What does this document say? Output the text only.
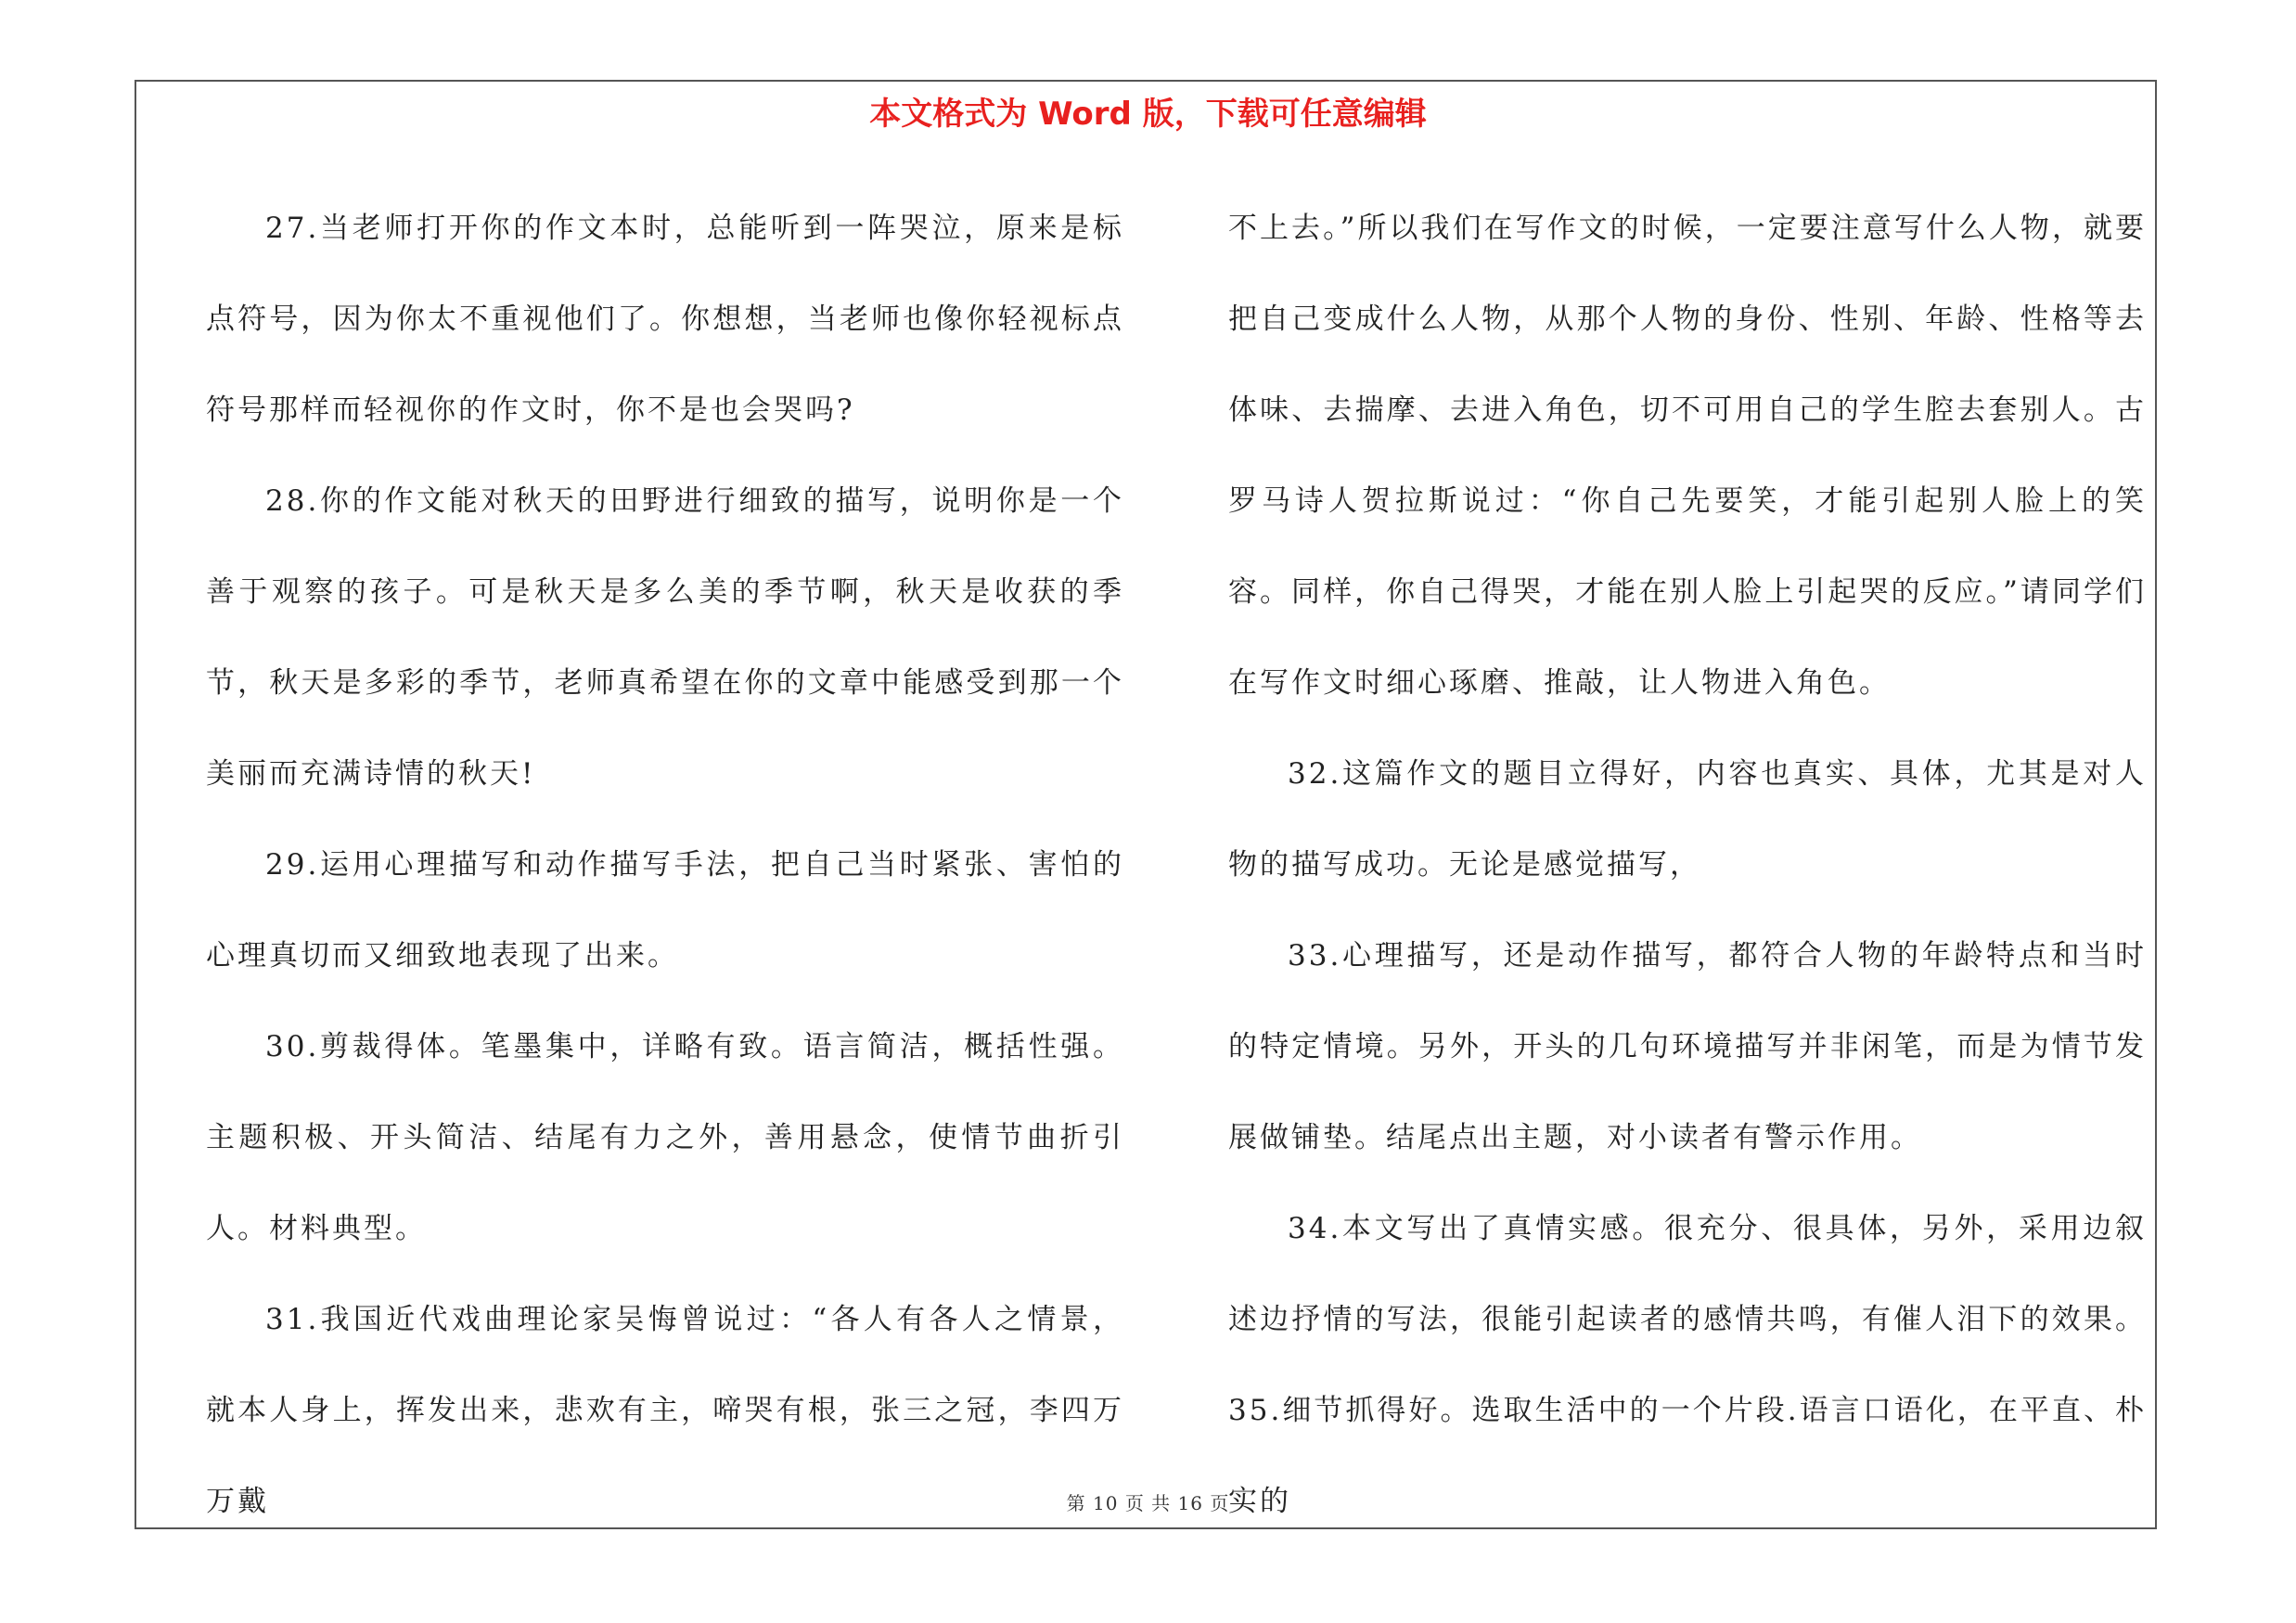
本文格式为 Word 版，下载可任意编辑

27.当老师打开你的作文本时，总能听到一阵哭泣，原来是标点符号，因为你太不重视他们了。你想想，当老师也像你轻视标点符号那样而轻视你的作文时，你不是也会哭吗?

28.你的作文能对秋天的田野进行细致的描写，说明你是一个善于观察的孩子。可是秋天是多么美的季节啊，秋天是收获的季节，秋天是多彩的季节，老师真希望在你的文章中能感受到那一个美丽而充满诗情的秋天!

29.运用心理描写和动作描写手法，把自己当时紧张、害怕的心理真切而又细致地表现了出来。

30.剪裁得体。笔墨集中，详略有致。语言简洁，概括性强。主题积极、开头简洁、结尾有力之外，善用悬念，使情节曲折引人。材料典型。

31.我国近代戏曲理论家吴悔曾说过：“各人有各人之情景，就本人身上，挥发出来，悲欢有主，啼哭有根，张三之冠，李四万万戴

不上去。”所以我们在写作文的时候，一定要注意写什么人物，就要把自己变成什么人物，从那个人物的身份、性别、年龄、性格等去体味、去揣摩、去进入角色，切不可用自己的学生腔去套别人。古罗马诗人贺拉斯说过：“你自己先要笑，才能引起别人脸上的笑容。同样，你自己得哭，才能在别人脸上引起哭的反应。”请同学们在写作文时细心琢磨、推敲，让人物进入角色。

32.这篇作文的题目立得好，内容也真实、具体，尤其是对人物的描写成功。无论是感觉描写，

33.心理描写，还是动作描写，都符合人物的年龄特点和当时的特定情境。另外，开头的几句环境描写并非闲笔，而是为情节发展做铺垫。结尾点出主题，对小读者有警示作用。

34.本文写出了真情实感。很充分、很具体，另外，采用边叙述边抒情的写法，很能引起读者的感情共鸣，有催人泪下的效果。 35.细节抓得好。选取生活中的一个片段.语言口语化，在平直、朴实的

第 10 页 共 16 页
